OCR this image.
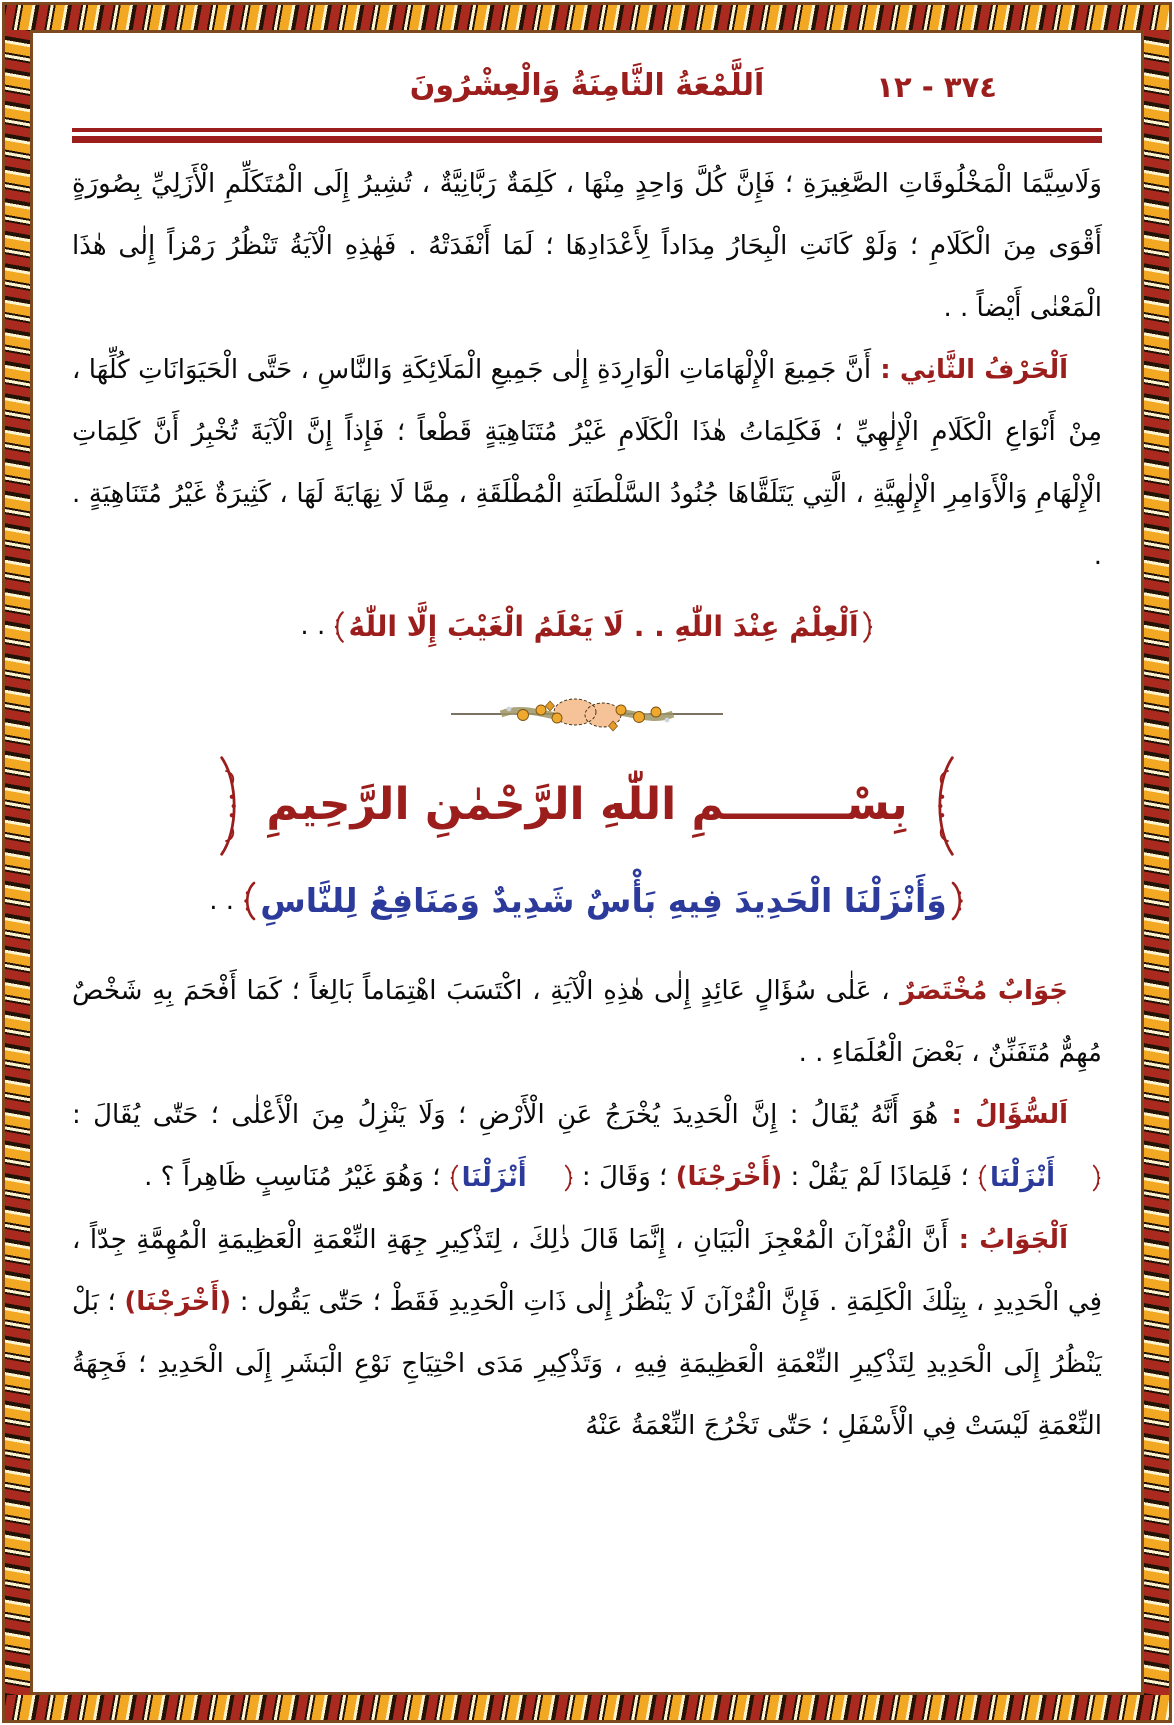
٣٧٤ - ١٢
اَللَّمْعَةُ الثَّامِنَةُ وَالْعِشْرُونَ

وَلَاسِيَّمَا الْمَخْلُوقَاتِ الصَّغِيرَةِ ؛ فَإِنَّ كُلَّ وَاحِدٍ مِنْهَا ، كَلِمَةٌ رَبَّانِيَّةٌ ، تُشِيرُ إِلَى الْمُتَكَلِّمِ الْأَزَلِيِّ بِصُورَةٍ أَقْوَى مِنَ الْكَلَامِ ؛ وَلَوْ كَانَتِ الْبِحَارُ مِدَاداً لِأَعْدَادِهَا ؛ لَمَا أَنْفَدَتْهُ . فَهٰذِهِ الْآيَةُ تَنْظُرُ رَمْزاً إِلٰى هٰذَا الْمَعْنٰى أَيْضاً . .

اَلْحَرْفُ الثَّانِي : أَنَّ جَمِيعَ الْإِلْهَامَاتِ الْوَارِدَةِ إِلٰى جَمِيعِ الْمَلَائِكَةِ وَالنَّاسِ ، حَتَّى الْحَيَوَانَاتِ كُلِّهَا ، مِنْ أَنْوَاعِ الْكَلَامِ الْإِلٰهِيِّ ؛ فَكَلِمَاتُ هٰذَا الْكَلَامِ غَيْرُ مُتَنَاهِيَةٍ قَطْعاً ؛ فَإِذاً إِنَّ الْآيَةَ تُخْبِرُ أَنَّ كَلِمَاتِ الْإِلْهَامِ وَالْأَوَامِرِ الْإِلٰهِيَّةِ ، الَّتِي يَتَلَقَّاهَا جُنُودُ السَّلْطَنَةِ الْمُطْلَقَةِ ، مِمَّا لَا نِهَايَةَ لَهَا ، كَثِيرَةٌ غَيْرُ مُتَنَاهِيَةٍ . .

اَلْعِلْمُ عِنْدَ اللّٰهِ . . لَا يَعْلَمُ الْغَيْبَ إِلَّا اللّٰهُ
. .

بِسْــــــــمِ اللّٰهِ الرَّحْمٰنِ الرَّحِيمِ

وَأَنْزَلْنَا الْحَدِيدَ فِيهِ بَأْسٌ شَدِيدٌ وَمَنَافِعُ لِلنَّاسِ
. .

جَوَابٌ مُخْتَصَرٌ ، عَلٰى سُؤَالٍ عَائِدٍ إِلٰى هٰذِهِ الْآيَةِ ، اكْتَسَبَ اهْتِمَاماً بَالِغاً ؛ كَمَا أَفْحَمَ بِهِ شَخْصٌ مُهِمٌّ مُتَفَنِّنٌ ، بَعْضَ الْعُلَمَاءِ . .

اَلسُّؤَالُ : هُوَ أَنَّهُ يُقَالُ : إِنَّ الْحَدِيدَ يُخْرَجُ عَنِ الْأَرْضِ ؛ وَلَا يَنْزِلُ مِنَ الْأَعْلٰى ؛ حَتّٰى يُقَالَ :
أَنْزَلْنَا
؛ فَلِمَاذَا لَمْ يَقُلْ : (أَخْرَجْنَا) ؛ وَقَالَ :
أَنْزَلْنَا
؛ وَهُوَ غَيْرُ مُنَاسِبٍ ظَاهِراً ؟ .

اَلْجَوَابُ : أَنَّ الْقُرْآنَ الْمُعْجِزَ الْبَيَانِ ، إِنَّمَا قَالَ ذٰلِكَ ، لِتَذْكِيرِ جِهَةِ النِّعْمَةِ الْعَظِيمَةِ الْمُهِمَّةِ جِدّاً ، فِي الْحَدِيدِ ، بِتِلْكَ الْكَلِمَةِ . فَإِنَّ الْقُرْآنَ لَا يَنْظُرُ إِلٰى ذَاتِ الْحَدِيدِ فَقَطْ ؛ حَتّٰى يَقُول : (أَخْرَجْنَا) ؛ بَلْ يَنْظُرُ إِلَى الْحَدِيدِ لِتَذْكِيرِ النِّعْمَةِ الْعَظِيمَةِ فِيهِ ، وَتَذْكِيرِ مَدَى احْتِيَاجِ نَوْعِ الْبَشَرِ إِلَى الْحَدِيدِ ؛ فَجِهَةُ النِّعْمَةِ لَيْسَتْ فِي الْأَسْفَلِ ؛ حَتّٰى تَخْرُجَ النِّعْمَةُ عَنْهُ
